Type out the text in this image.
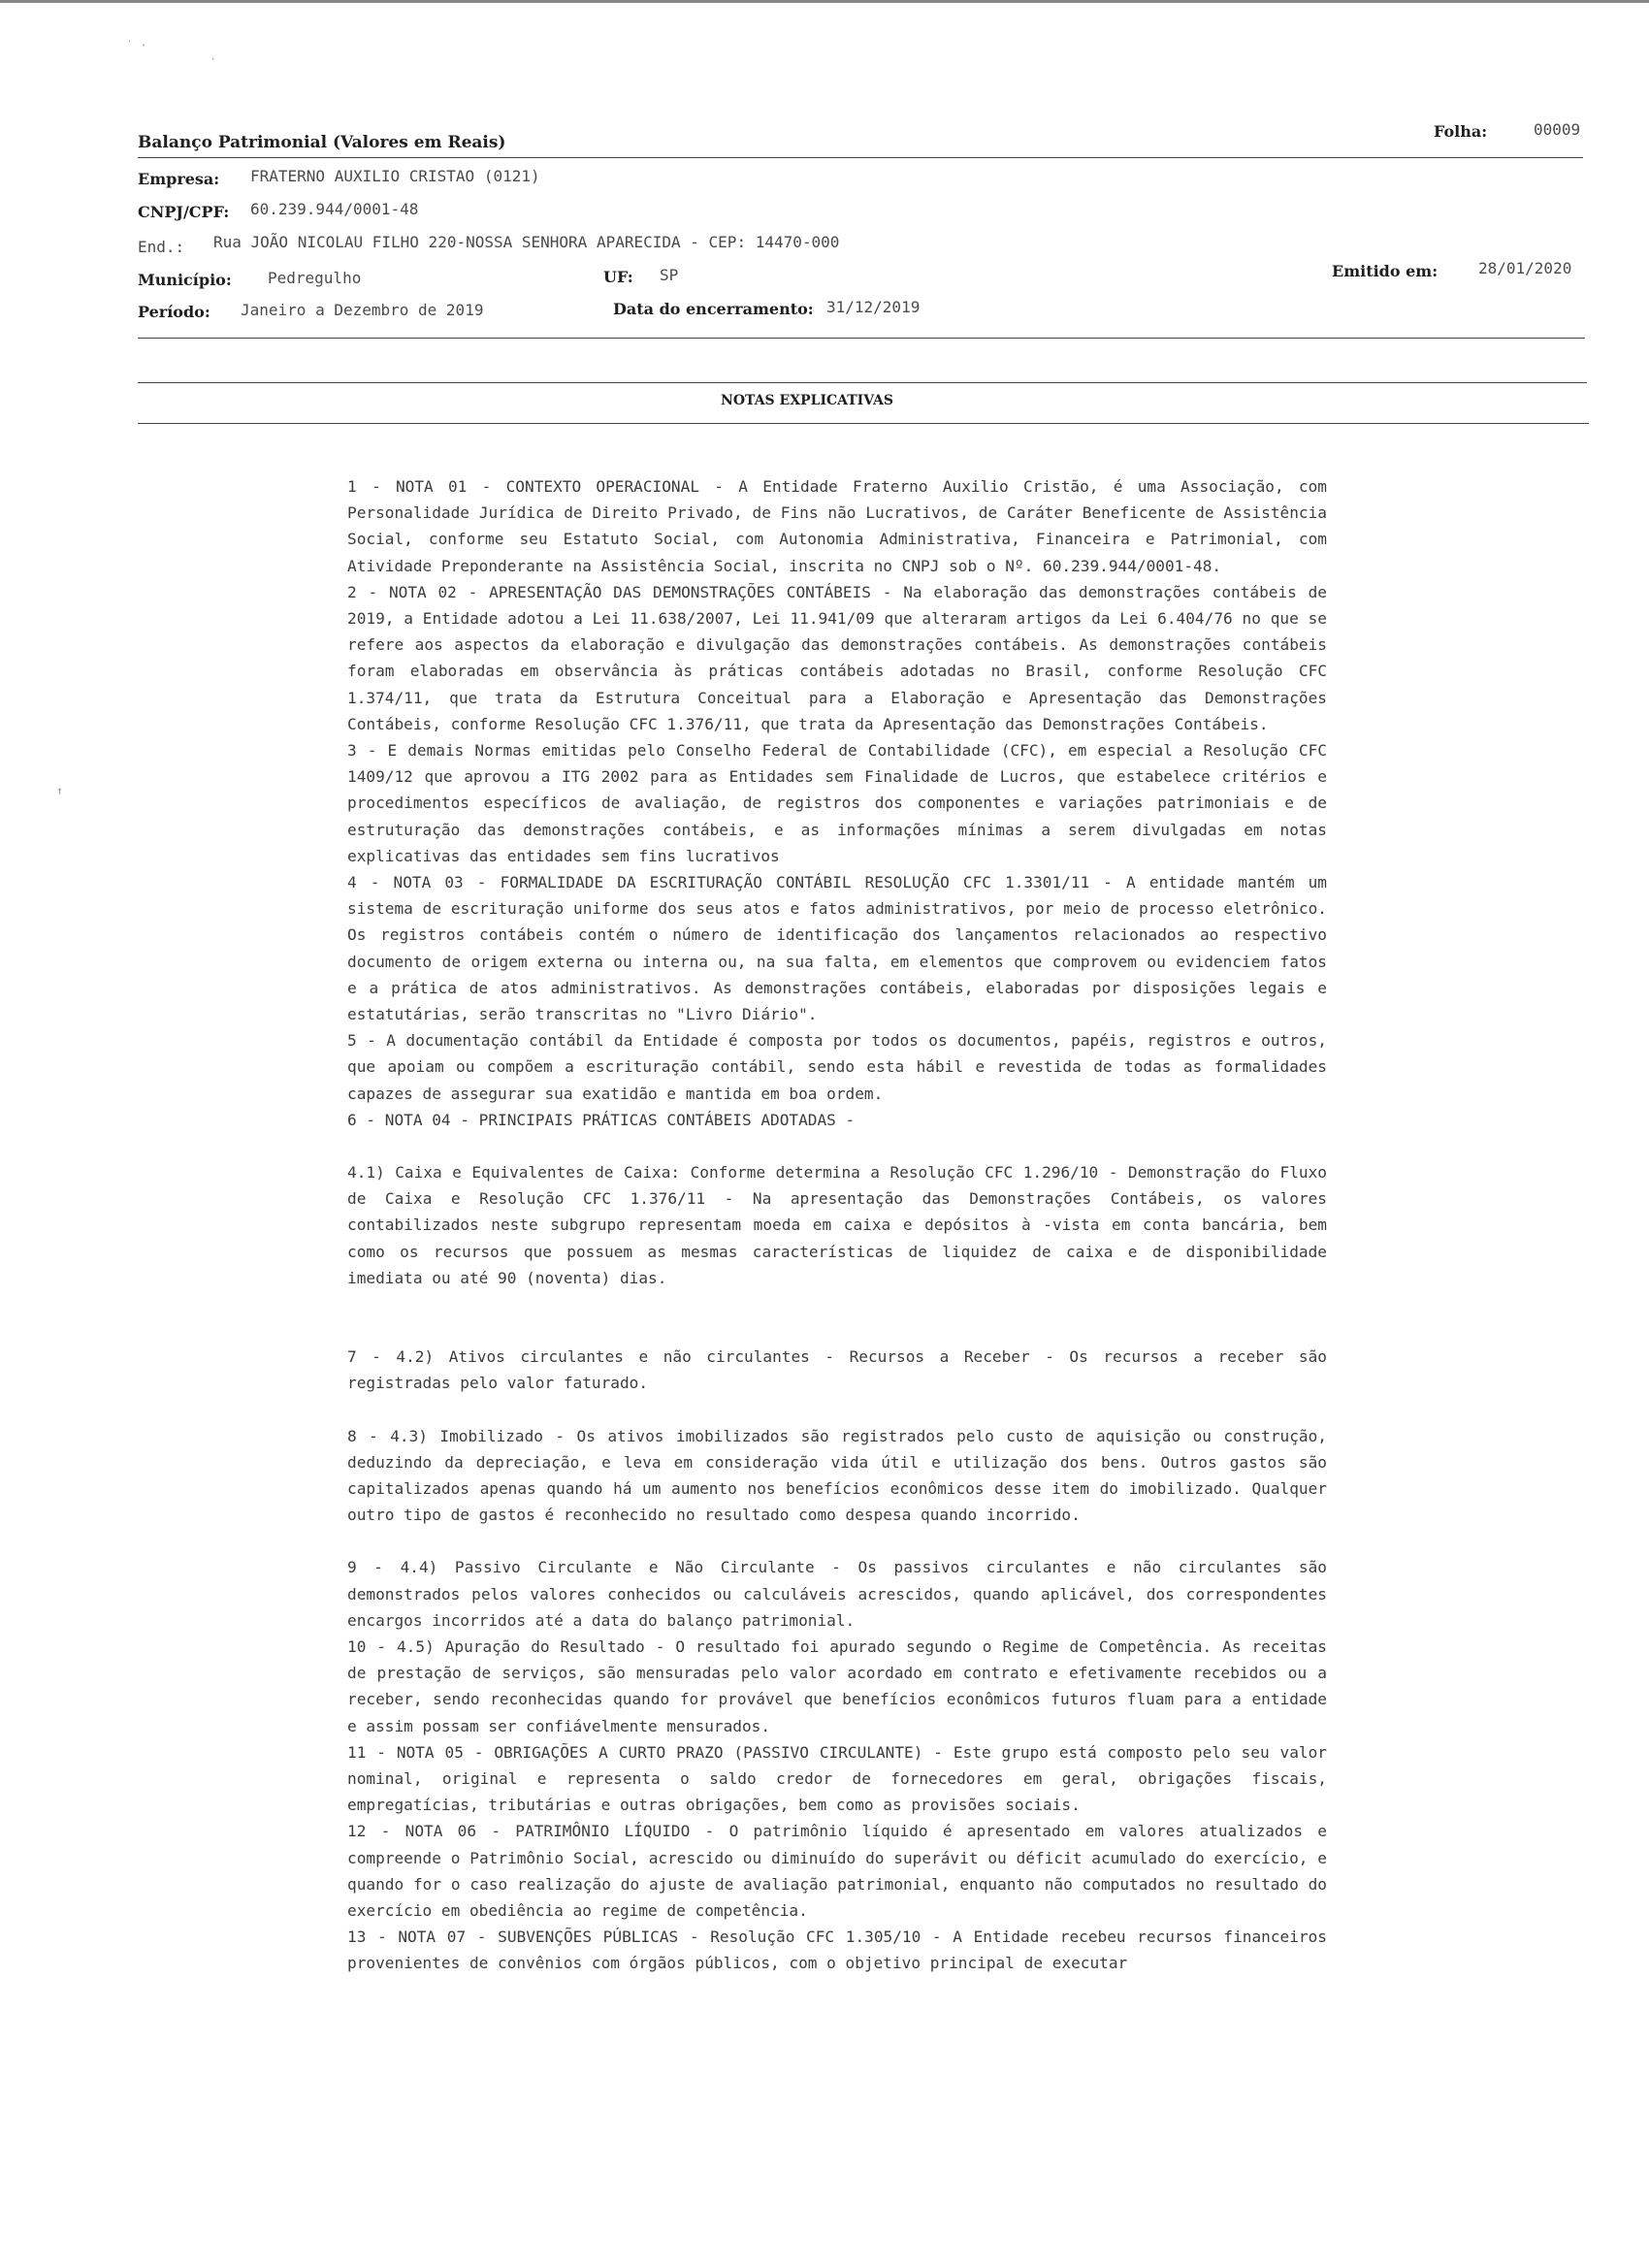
˙ ·
⸱
↑
Balanço Patrimonial (Valores em Reais)
Folha:	00009
Empresa: FRATERNO AUXILIO CRISTAO (0121)
CNPJ/CPF: 60.239.944/0001-48
End.: Rua JOÃO NICOLAU FILHO 220-NOSSA SENHORA APARECIDA - CEP: 14470-000
Município: Pedregulho	UF: SP	Emitido em:	28/01/2020
Período: Janeiro a Dezembro de 2019	Data do encerramento: 31/12/2019
NOTAS EXPLICATIVAS

1 - NOTA 01 - CONTEXTO OPERACIONAL - A Entidade Fraterno Auxilio Cristão, é uma Associação, com Personalidade Jurídica de Direito Privado, de Fins não Lucrativos, de Caráter Beneficente de Assistência Social, conforme seu Estatuto Social, com Autonomia Administrativa, Financeira e Patrimonial, com Atividade Preponderante na Assistência Social, inscrita no CNPJ sob o Nº. 60.239.944/0001-48.

2 - NOTA 02 - APRESENTAÇÃO DAS DEMONSTRAÇÕES CONTÁBEIS - Na elaboração das demonstrações contábeis de 2019, a Entidade adotou a Lei 11.638/2007, Lei 11.941/09 que alteraram artigos da Lei 6.404/76 no que se refere aos aspectos da elaboração e divulgação das demonstrações contábeis. As demonstrações contábeis foram elaboradas em observância às práticas contábeis adotadas no Brasil, conforme Resolução CFC 1.374/11, que trata da Estrutura Conceitual para a Elaboração e Apresentação das Demonstrações Contábeis, conforme Resolução CFC 1.376/11, que trata da Apresentação das Demonstrações Contábeis.

3 - E demais Normas emitidas pelo Conselho Federal de Contabilidade (CFC), em especial a Resolução CFC 1409/12 que aprovou a ITG 2002 para as Entidades sem Finalidade de Lucros, que estabelece critérios e procedimentos específicos de avaliação, de registros dos componentes e variações patrimoniais e de estruturação das demonstrações contábeis, e as informações mínimas a serem divulgadas em notas explicativas das entidades sem fins lucrativos

4 - NOTA 03 - FORMALIDADE DA ESCRITURAÇÃO CONTÁBIL RESOLUÇÃO CFC 1.3301/11 - A entidade mantém um sistema de escrituração uniforme dos seus atos e fatos administrativos, por meio de processo eletrônico. Os registros contábeis contém o número de identificação dos lançamentos relacionados ao respectivo documento de origem externa ou interna ou, na sua falta, em elementos que comprovem ou evidenciem fatos e a prática de atos administrativos. As demonstrações contábeis, elaboradas por disposições legais e estatutárias, serão transcritas no "Livro Diário".

5 - A documentação contábil da Entidade é composta por todos os documentos, papéis, registros e outros, que apoiam ou compõem a escrituração contábil, sendo esta hábil e revestida de todas as formalidades capazes de assegurar sua exatidão e mantida em boa ordem.

6 - NOTA 04 - PRINCIPAIS PRÁTICAS CONTÁBEIS ADOTADAS -

4.1) Caixa e Equivalentes de Caixa: Conforme determina a Resolução CFC 1.296/10 - Demonstração do Fluxo de Caixa e Resolução CFC 1.376/11 - Na apresentação das Demonstrações Contábeis, os valores contabilizados neste subgrupo representam moeda em caixa e depósitos à -vista em conta bancária, bem como os recursos que possuem as mesmas características de liquidez de caixa e de disponibilidade imediata ou até 90 (noventa) dias.

7 - 4.2) Ativos circulantes e não circulantes - Recursos a Receber - Os recursos a receber são registradas pelo valor faturado.

8 - 4.3) Imobilizado - Os ativos imobilizados são registrados pelo custo de aquisição ou construção, deduzindo da depreciação, e leva em consideração vida útil e utilização dos bens. Outros gastos são capitalizados apenas quando há um aumento nos benefícios econômicos desse item do imobilizado. Qualquer outro tipo de gastos é reconhecido no resultado como despesa quando incorrido.

9 - 4.4) Passivo Circulante e Não Circulante - Os passivos circulantes e não circulantes são demonstrados pelos valores conhecidos ou calculáveis acrescidos, quando aplicável, dos correspondentes encargos incorridos até a data do balanço patrimonial.

10 - 4.5) Apuração do Resultado - O resultado foi apurado segundo o Regime de Competência. As receitas de prestação de serviços, são mensuradas pelo valor acordado em contrato e efetivamente recebidos ou a receber, sendo reconhecidas quando for provável que benefícios econômicos futuros fluam para a entidade e assim possam ser confiávelmente mensurados.

11 - NOTA 05 - OBRIGAÇÕES A CURTO PRAZO (PASSIVO CIRCULANTE) - Este grupo está composto pelo seu valor nominal, original e representa o saldo credor de fornecedores em geral, obrigações fiscais, empregatícias, tributárias e outras obrigações, bem como as provisões sociais.

12 - NOTA 06 - PATRIMÔNIO LÍQUIDO - O patrimônio líquido é apresentado em valores atualizados e compreende o Patrimônio Social, acrescido ou diminuído do superávit ou déficit acumulado do exercício, e quando for o caso realização do ajuste de avaliação patrimonial, enquanto não computados no resultado do exercício em obediência ao regime de competência.

13 - NOTA 07 - SUBVENÇÕES PÚBLICAS - Resolução CFC 1.305/10 - A Entidade recebeu recursos financeiros provenientes de convênios com órgãos públicos, com o objetivo principal de executar
